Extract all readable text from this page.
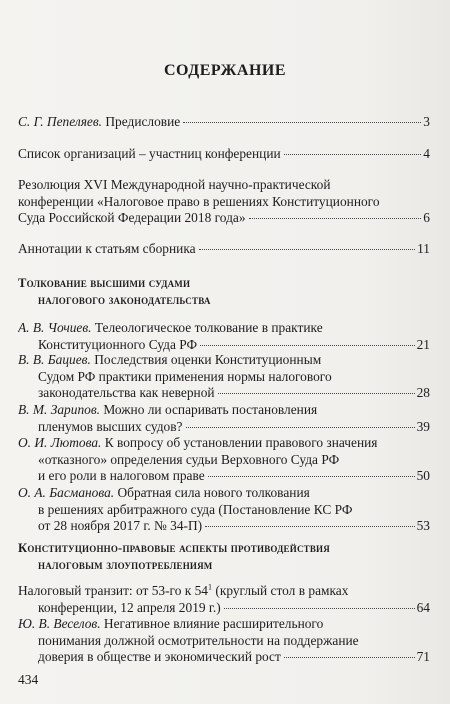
СОДЕРЖАНИЕ
С. Г. Пепеляев. Предисловие	3
Список организаций – участниц конференции	4
Резолюция XVI Международной научно-практической
конференции «Налоговое право в решениях Конституционного
Суда Российской Федерации 2018 года»	6
Аннотации к статьям сборника	11
Толкование высшими судами
налогового законодательства
А. В. Чочиев. Телеологическое толкование в практике
Конституционного Суда РФ	21
В. В. Бациев. Последствия оценки Конституционным
Судом РФ практики применения нормы налогового
законодательства как неверной	28
В. М. Зарипов. Можно ли оспаривать постановления
пленумов высших судов?	39
О. И. Лютова. К вопросу об установлении правового значения
«отказного» определения судьи Верховного Суда РФ
и его роли в налоговом праве	50
О. А. Басманова. Обратная сила нового толкования
в решениях арбитражного суда (Постановление КС РФ
от 28 ноября 2017 г. № 34-П)	53
Конституционно-правовые аспекты противодействия
налоговым злоупотреблениям
Налоговый транзит: от 53-го к $54^1$ (круглый стол в рамках
конференции, 12 апреля 2019 г.)	64
Ю. В. Веселов. Негативное влияние расширительного
понимания должной осмотрительности на поддержание
доверия в обществе и экономический рост	71
434
